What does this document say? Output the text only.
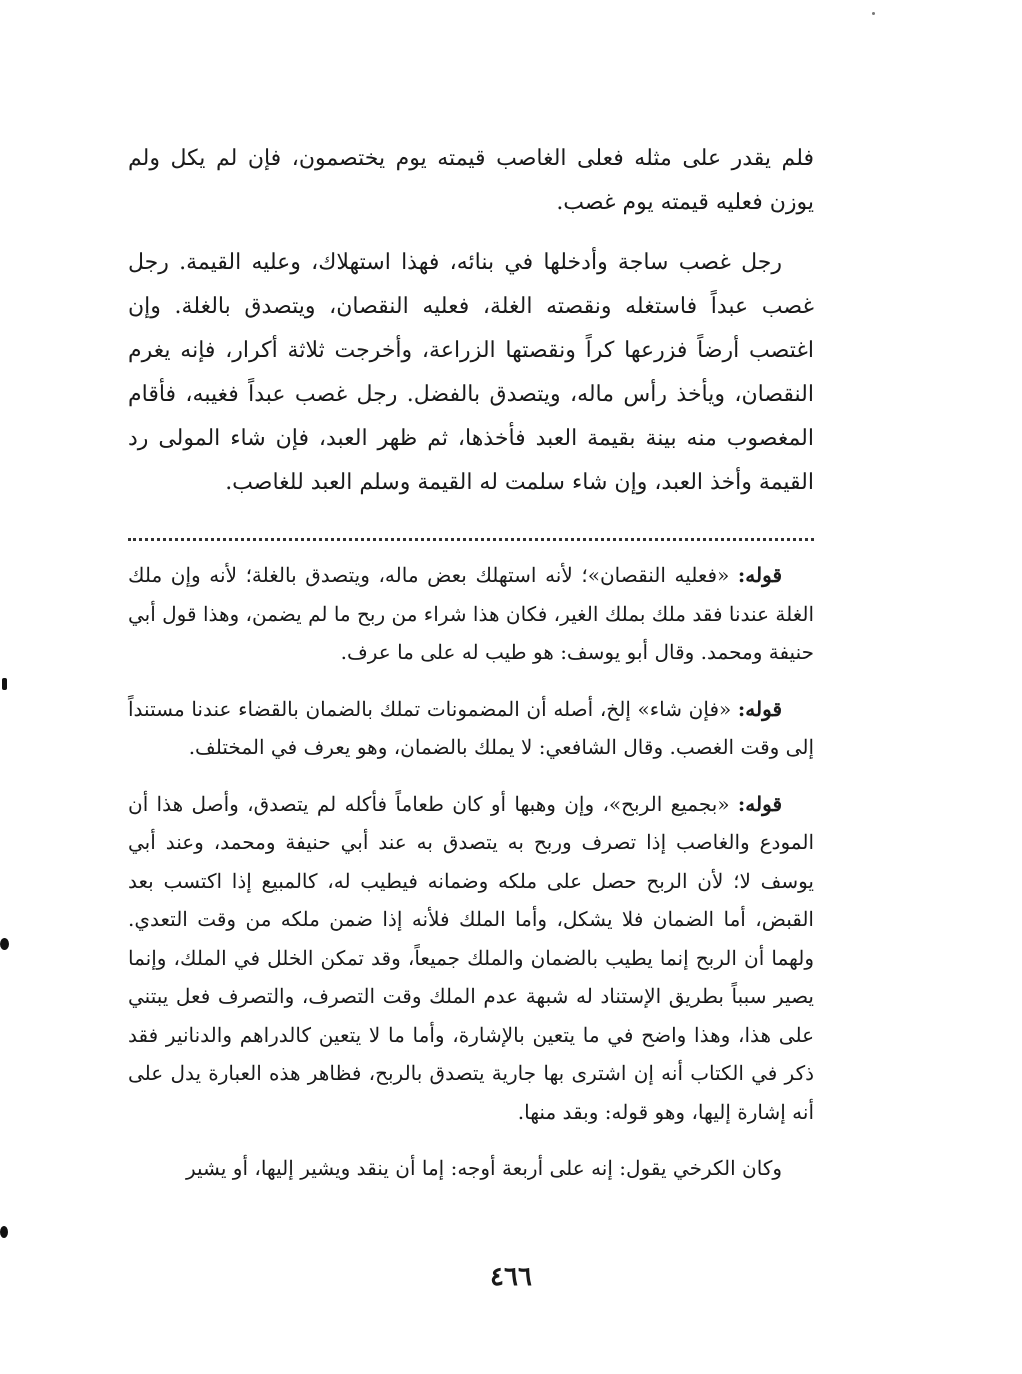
فلم يقدر على مثله فعلى الغاصب قيمته يوم يختصمون، فإن لم يكل ولم يوزن فعليه قيمته يوم غصب.

رجل غصب ساجة وأدخلها في بنائه، فهذا استهلاك، وعليه القيمة. رجل غصب عبداً فاستغله ونقصته الغلة، فعليه النقصان، ويتصدق بالغلة. وإن اغتصب أرضاً فزرعها كراً ونقصتها الزراعة، وأخرجت ثلاثة أكرار، فإنه يغرم النقصان، ويأخذ رأس ماله، ويتصدق بالفضل. رجل غصب عبداً فغيبه، فأقام المغصوب منه بينة بقيمة العبد فأخذها، ثم ظهر العبد، فإن شاء المولى رد القيمة وأخذ العبد، وإن شاء سلمت له القيمة وسلم العبد للغاصب.

قوله: «فعليه النقصان»؛ لأنه استهلك بعض ماله، ويتصدق بالغلة؛ لأنه وإن ملك الغلة عندنا فقد ملك بملك الغير، فكان هذا شراء من ربح ما لم يضمن، وهذا قول أبي حنيفة ومحمد. وقال أبو يوسف: هو طيب له على ما عرف.

قوله: «فإن شاء» إلخ، أصله أن المضمونات تملك بالضمان بالقضاء عندنا مستنداً إلى وقت الغصب. وقال الشافعي: لا يملك بالضمان، وهو يعرف في المختلف.

قوله: «بجميع الربح»، وإن وهبها أو كان طعاماً فأكله لم يتصدق، وأصل هذا أن المودع والغاصب إذا تصرف وربح به يتصدق به عند أبي حنيفة ومحمد، وعند أبي يوسف لا؛ لأن الربح حصل على ملكه وضمانه فيطيب له، كالمبيع إذا اكتسب بعد القبض، أما الضمان فلا يشكل، وأما الملك فلأنه إذا ضمن ملكه من وقت التعدي. ولهما أن الربح إنما يطيب بالضمان والملك جميعاً، وقد تمكن الخلل في الملك، وإنما يصير سبباً بطريق الإستناد له شبهة عدم الملك وقت التصرف، والتصرف فعل يبتني على هذا، وهذا واضح في ما يتعين بالإشارة، وأما ما لا يتعين كالدراهم والدنانير فقد ذكر في الكتاب أنه إن اشترى بها جارية يتصدق بالربح، فظاهر هذه العبارة يدل على أنه إشارة إليها، وهو قوله: وبقد منها.

وكان الكرخي يقول: إنه على أربعة أوجه: إما أن ينقد ويشير إليها، أو يشير

٤٦٦
